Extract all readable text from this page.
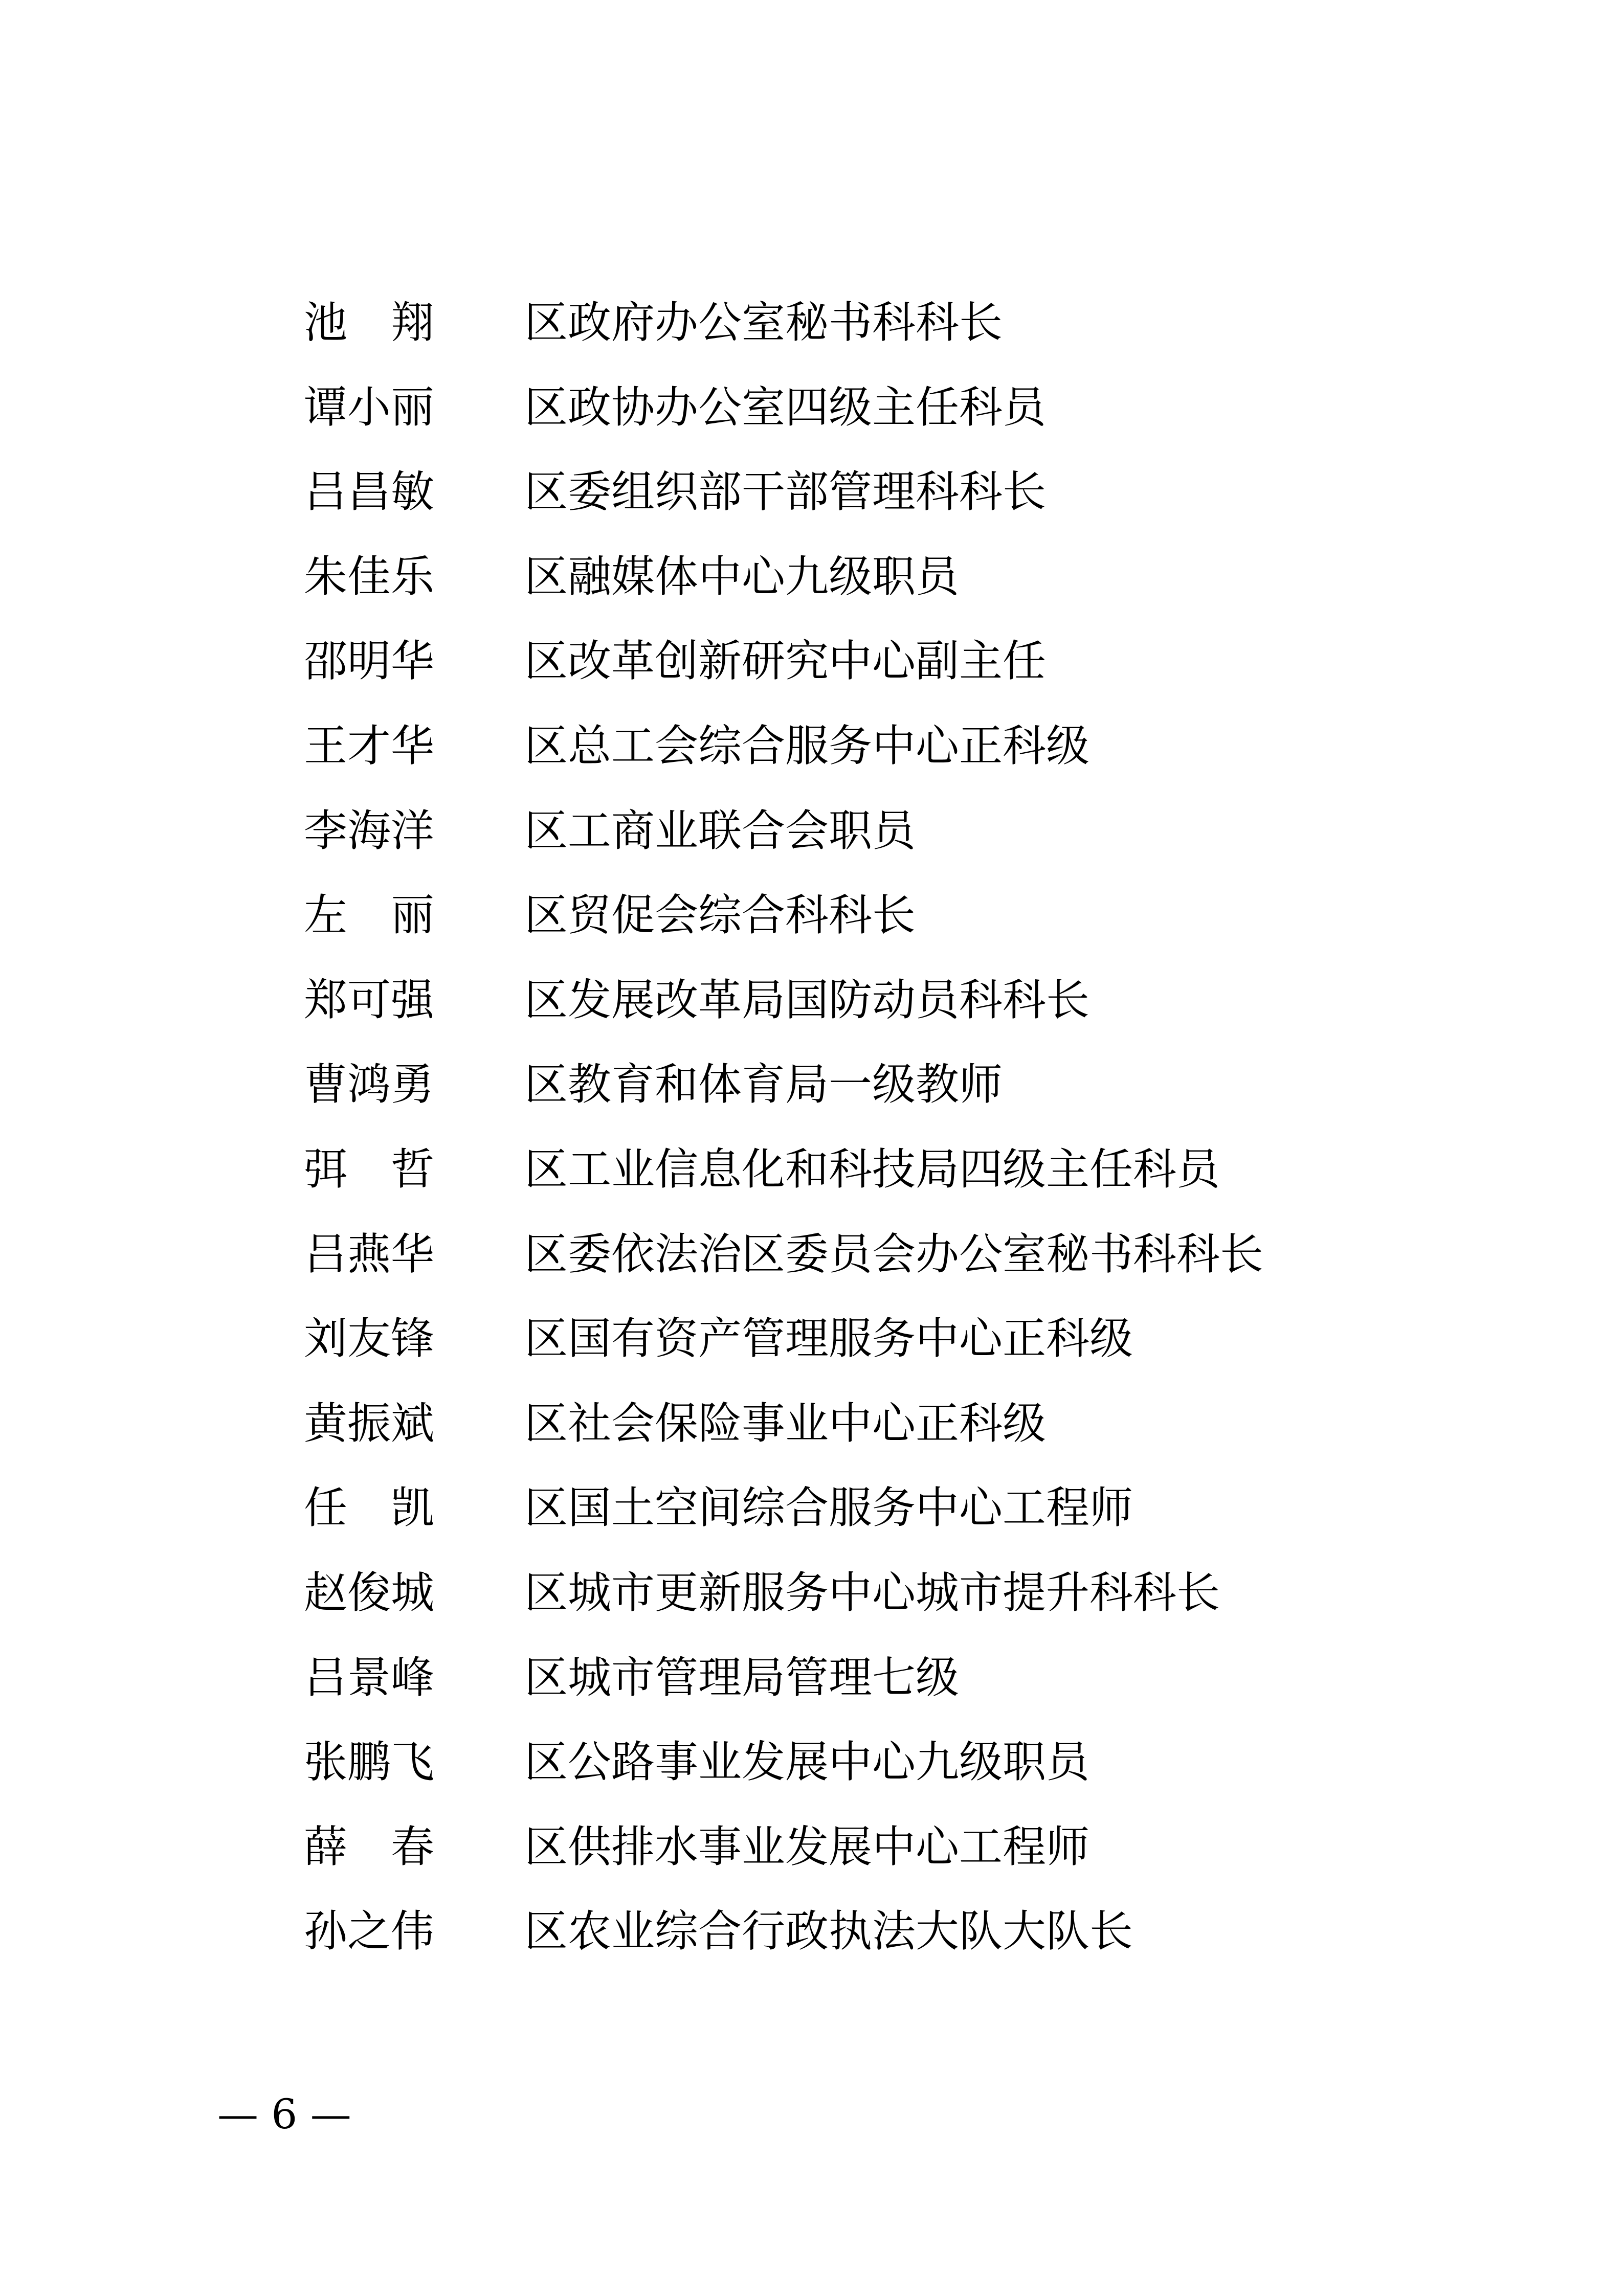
池 翔 区政府办公室秘书科科长
谭 小 丽 区政协办公室四级主任科员
吕 昌 敏 区委组织部干部管理科科长
朱 佳 乐 区融媒体中心九级职员
邵 明 华 区改革创新研究中心副主任
王 才 华 区总工会综合服务中心正科级
李 海 洋 区工商业联合会职员
左 丽 区贸促会综合科科长
郑 可 强 区发展改革局国防动员科科长
曹 鸿 勇 区教育和体育局一级教师
弭 哲 区工业信息化和科技局四级主任科员
吕 燕 华 区委依法治区委员会办公室秘书科科长
刘 友 锋 区国有资产管理服务中心正科级
黄 振 斌 区社会保险事业中心正科级
任 凯 区国土空间综合服务中心工程师
赵 俊 城 区城市更新服务中心城市提升科科长
吕 景 峰 区城市管理局管理七级
张 鹏 飞 区公路事业发展中心九级职员
薛 春 区供排水事业发展中心工程师
孙 之 伟 区农业综合行政执法大队大队长
— 6 —
